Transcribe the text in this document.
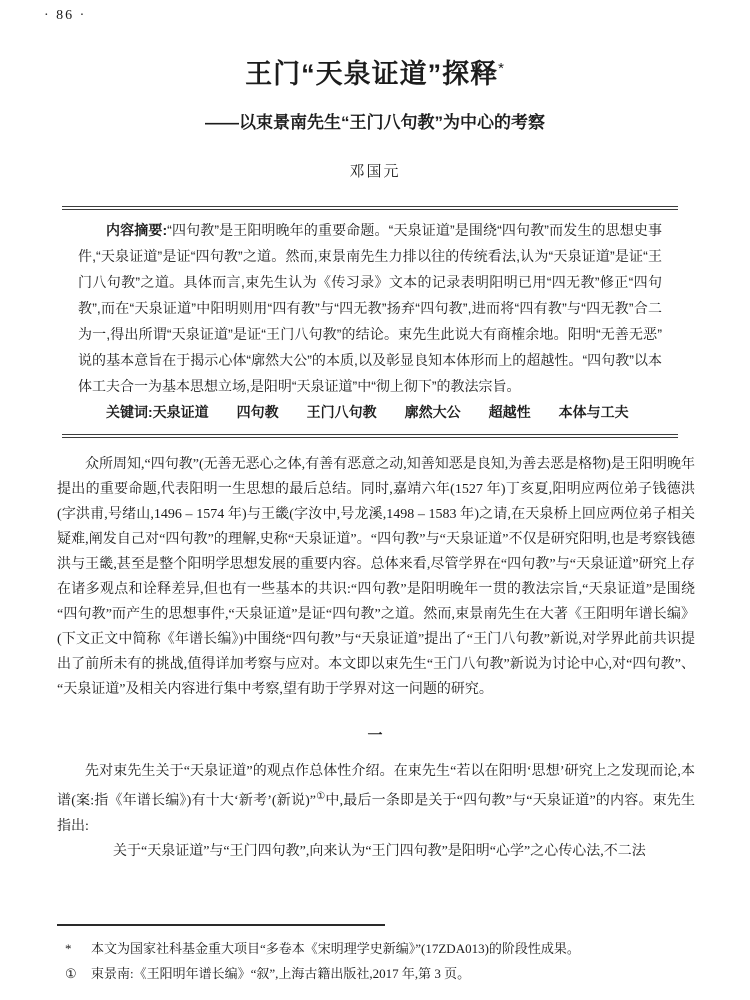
· 86 ·
王门“天泉证道”探释*
——以束景南先生“王门八句教”为中心的考察
邓国元

内容摘要:“四句教”是王阳明晚年的重要命题。“天泉证道”是围绕“四句教”而发生的思想史事件,“天泉证道”是证“四句教”之道。然而,束景南先生力排以往的传统看法,认为“天泉证道”是证“王门八句教”之道。具体而言,束先生认为《传习录》文本的记录表明阳明已用“四无教”修正“四句教”,而在“天泉证道”中阳明则用“四有教”与“四无教”扬弃“四句教”,进而将“四有教”与“四无教”合二为一,得出所谓“天泉证道”是证“王门八句教”的结论。束先生此说大有商榷余地。阳明“无善无恶”说的基本意旨在于揭示心体“廓然大公”的本质,以及彰显良知本体形而上的超越性。“四句教”以本体工夫合一为基本思想立场,是阳明“天泉证道”中“彻上彻下”的教法宗旨。

关键词:天泉证道　　四句教　　王门八句教　　廓然大公　　超越性　　本体与工夫

众所周知,“四句教”(无善无恶心之体,有善有恶意之动,知善知恶是良知,为善去恶是格物)是王阳明晚年提出的重要命题,代表阳明一生思想的最后总结。同时,嘉靖六年(1527 年)丁亥夏,阳明应两位弟子钱德洪(字洪甫,号绪山,1496 – 1574 年)与王畿(字汝中,号龙溪,1498 – 1583 年)之请,在天泉桥上回应两位弟子相关疑难,阐发自己对“四句教”的理解,史称“天泉证道”。“四句教”与“天泉证道”不仅是研究阳明,也是考察钱德洪与王畿,甚至是整个阳明学思想发展的重要内容。总体来看,尽管学界在“四句教”与“天泉证道”研究上存在诸多观点和诠释差异,但也有一些基本的共识:“四句教”是阳明晚年一贯的教法宗旨,“天泉证道”是围绕“四句教”而产生的思想事件,“天泉证道”是证“四句教”之道。然而,束景南先生在大著《王阳明年谱长编》(下文正文中简称《年谱长编》)中围绕“四句教”与“天泉证道”提出了“王门八句教”新说,对学界此前共识提出了前所未有的挑战,值得详加考察与应对。本文即以束先生“王门八句教”新说为讨论中心,对“四句教”、“天泉证道”及相关内容进行集中考察,望有助于学界对这一问题的研究。

一

先对束先生关于“天泉证道”的观点作总体性介绍。在束先生“若以在阳明‘思想’研究上之发现而论,本谱(案:指《年谱长编》)有十大‘新考’(新说)”①中,最后一条即是关于“四句教”与“天泉证道”的内容。束先生指出:

关于“天泉证道”与“王门四句教”,向来认为“王门四句教”是阳明“心学”之心传心法,不二法

*	本文为国家社科基金重大项目“多卷本《宋明理学史新编》”(17ZDA013)的阶段性成果。
①	束景南:《王阳明年谱长编》“叙”,上海古籍出版社,2017 年,第 3 页。
